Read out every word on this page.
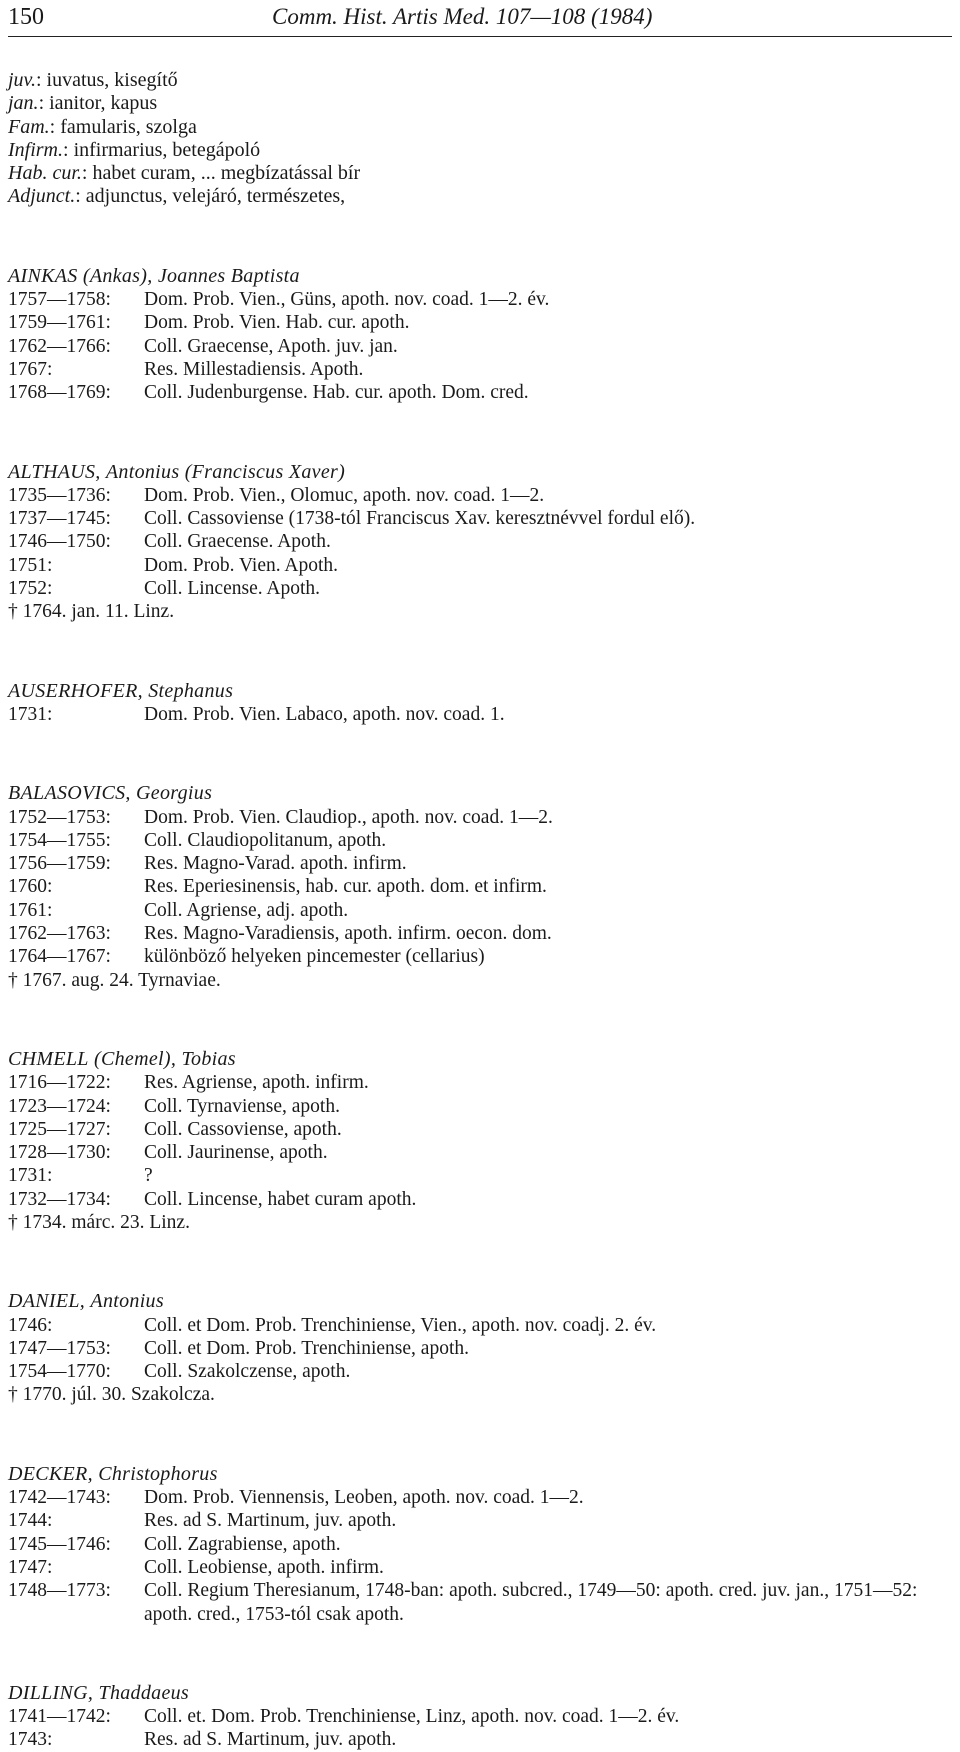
150	Comm. Hist. Artis Med. 107—108 (1984)
juv.: iuvatus, kisegítő
jan.: ianitor, kapus
Fam.: famularis, szolga
Infirm.: infirmarius, betegápoló
Hab. cur.: habet curam, ... megbízatással bír
Adjunct.: adjunctus, velejáró, természetes,
AINKAS (Ankas), Joannes Baptista
1757—1758:	Dom. Prob. Vien., Güns, apoth. nov. coad. 1—2. év.
1759—1761:	Dom. Prob. Vien. Hab. cur. apoth.
1762—1766:	Coll. Graecense, Apoth. juv. jan.
1767:	Res. Millestadiensis. Apoth.
1768—1769:	Coll. Judenburgense. Hab. cur. apoth. Dom. cred.
ALTHAUS, Antonius (Franciscus Xaver)
1735—1736:	Dom. Prob. Vien., Olomuc, apoth. nov. coad. 1—2.
1737—1745:	Coll. Cassoviense (1738-tól Franciscus Xav. keresztnévvel fordul elő).
1746—1750:	Coll. Graecense. Apoth.
1751:	Dom. Prob. Vien. Apoth.
1752:	Coll. Lincense. Apoth.
† 1764. jan. 11. Linz.
AUSERHOFER, Stephanus
1731:	Dom. Prob. Vien. Labaco, apoth. nov. coad. 1.
BALASOVICS, Georgius
1752—1753:	Dom. Prob. Vien. Claudiop., apoth. nov. coad. 1—2.
1754—1755:	Coll. Claudiopolitanum, apoth.
1756—1759:	Res. Magno-Varad. apoth. infirm.
1760:	Res. Eperiesinensis, hab. cur. apoth. dom. et infirm.
1761:	Coll. Agriense, adj. apoth.
1762—1763:	Res. Magno-Varadiensis, apoth. infirm. oecon. dom.
1764—1767:	különböző helyeken pincemester (cellarius)
† 1767. aug. 24. Tyrnaviae.
CHMELL (Chemel), Tobias
1716—1722:	Res. Agriense, apoth. infirm.
1723—1724:	Coll. Tyrnaviense, apoth.
1725—1727:	Coll. Cassoviense, apoth.
1728—1730:	Coll. Jaurinense, apoth.
1731:	?
1732—1734:	Coll. Lincense, habet curam apoth.
† 1734. márc. 23. Linz.
DANIEL, Antonius
1746:	Coll. et Dom. Prob. Trenchiniense, Vien., apoth. nov. coadj. 2. év.
1747—1753:	Coll. et Dom. Prob. Trenchiniense, apoth.
1754—1770:	Coll. Szakolczense, apoth.
† 1770. júl. 30. Szakolcza.
DECKER, Christophorus
1742—1743:	Dom. Prob. Viennensis, Leoben, apoth. nov. coad. 1—2.
1744:	Res. ad S. Martinum, juv. apoth.
1745—1746:	Coll. Zagrabiense, apoth.
1747:	Coll. Leobiense, apoth. infirm.
1748—1773:	Coll. Regium Theresianum, 1748-ban: apoth. subcred., 1749—50: apoth. cred. juv. jan., 1751—52: apoth. cred., 1753-tól csak apoth.
DILLING, Thaddaeus
1741—1742:	Coll. et. Dom. Prob. Trenchiniense, Linz, apoth. nov. coad. 1—2. év.
1743:	Res. ad S. Martinum, juv. apoth.
